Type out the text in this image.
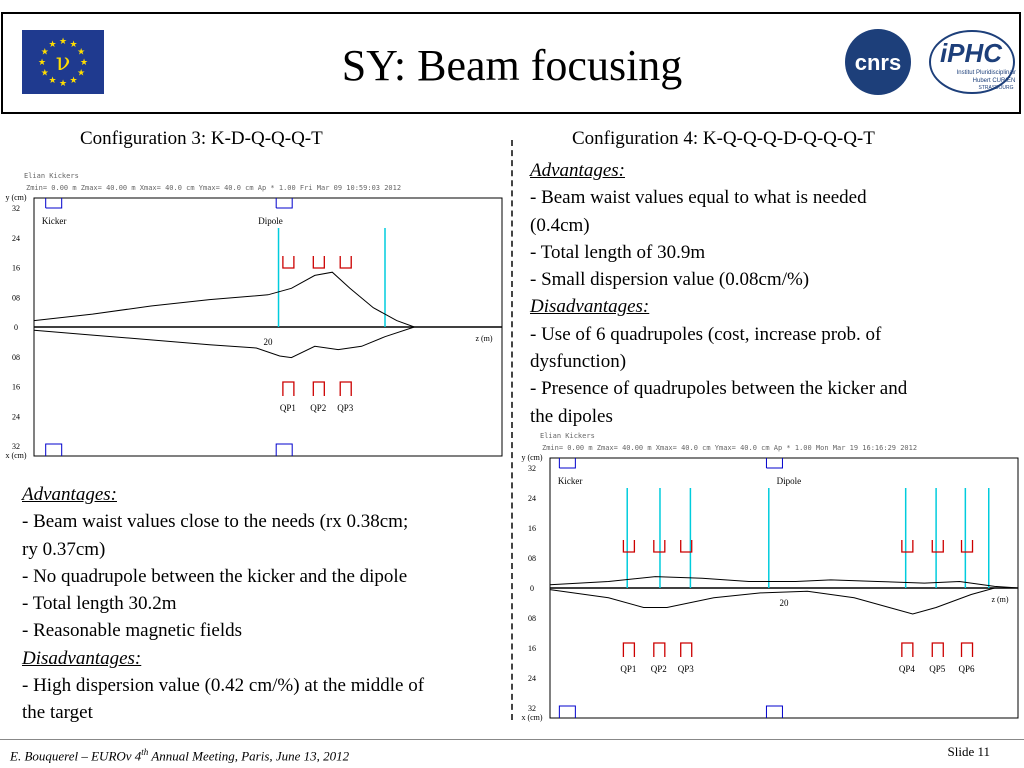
★ ★
★
★
★
★
★
★
★
★
★
★
ν	SY: Beam focusing	cnrs iPHC
Institut Pluridisciplinaire
Hubert CURIEN
STRASBOURG
Configuration 3: K-D-Q-Q-Q-T	Configuration 4: K-Q-Q-Q-D-Q-Q-Q-T
Elian Kickers
Zmin= 0.00 m Zmax= 40.00 m Xmax= 40.0 cm Ymax= 40.0 cm Ap * 1.00 Fri Mar 09 10:59:03 2012
32
24
16
08
0
08
16
24
32
y (cm)
x (cm)
z (m)
20
Kicker	Dipole
QP1 QP2 QP3
Elian Kickers
Zmin= 0.00 m Zmax= 40.00 m Xmax= 40.0 cm Ymax= 40.0 cm Ap * 1.00 Mon Mar 19 16:16:29 2012
32
24
16
08
0
08
16
24
32
y (cm)
x (cm)
z (m)
20
Kicker	Dipole
QP1 QP2 QP3	QP4 QP5 QP6
Advantages:
- Beam waist values close to the needs (rx 0.38cm;
ry 0.37cm)
- No quadrupole between the kicker and the dipole
- Total length 30.2m
- Reasonable magnetic fields
Disadvantages:
- High dispersion value (0.42 cm/%) at the middle of
the target
Advantages:
- Beam waist values equal to what is needed
(0.4cm)
- Total length of 30.9m
- Small dispersion value (0.08cm/%)
Disadvantages:
- Use of 6 quadrupoles (cost, increase prob. of
dysfunction)
- Presence of quadrupoles between the kicker and
the dipoles
E. Bouquerel – EUROv 4th Annual Meeting, Paris, June 13, 2012	Slide 11
